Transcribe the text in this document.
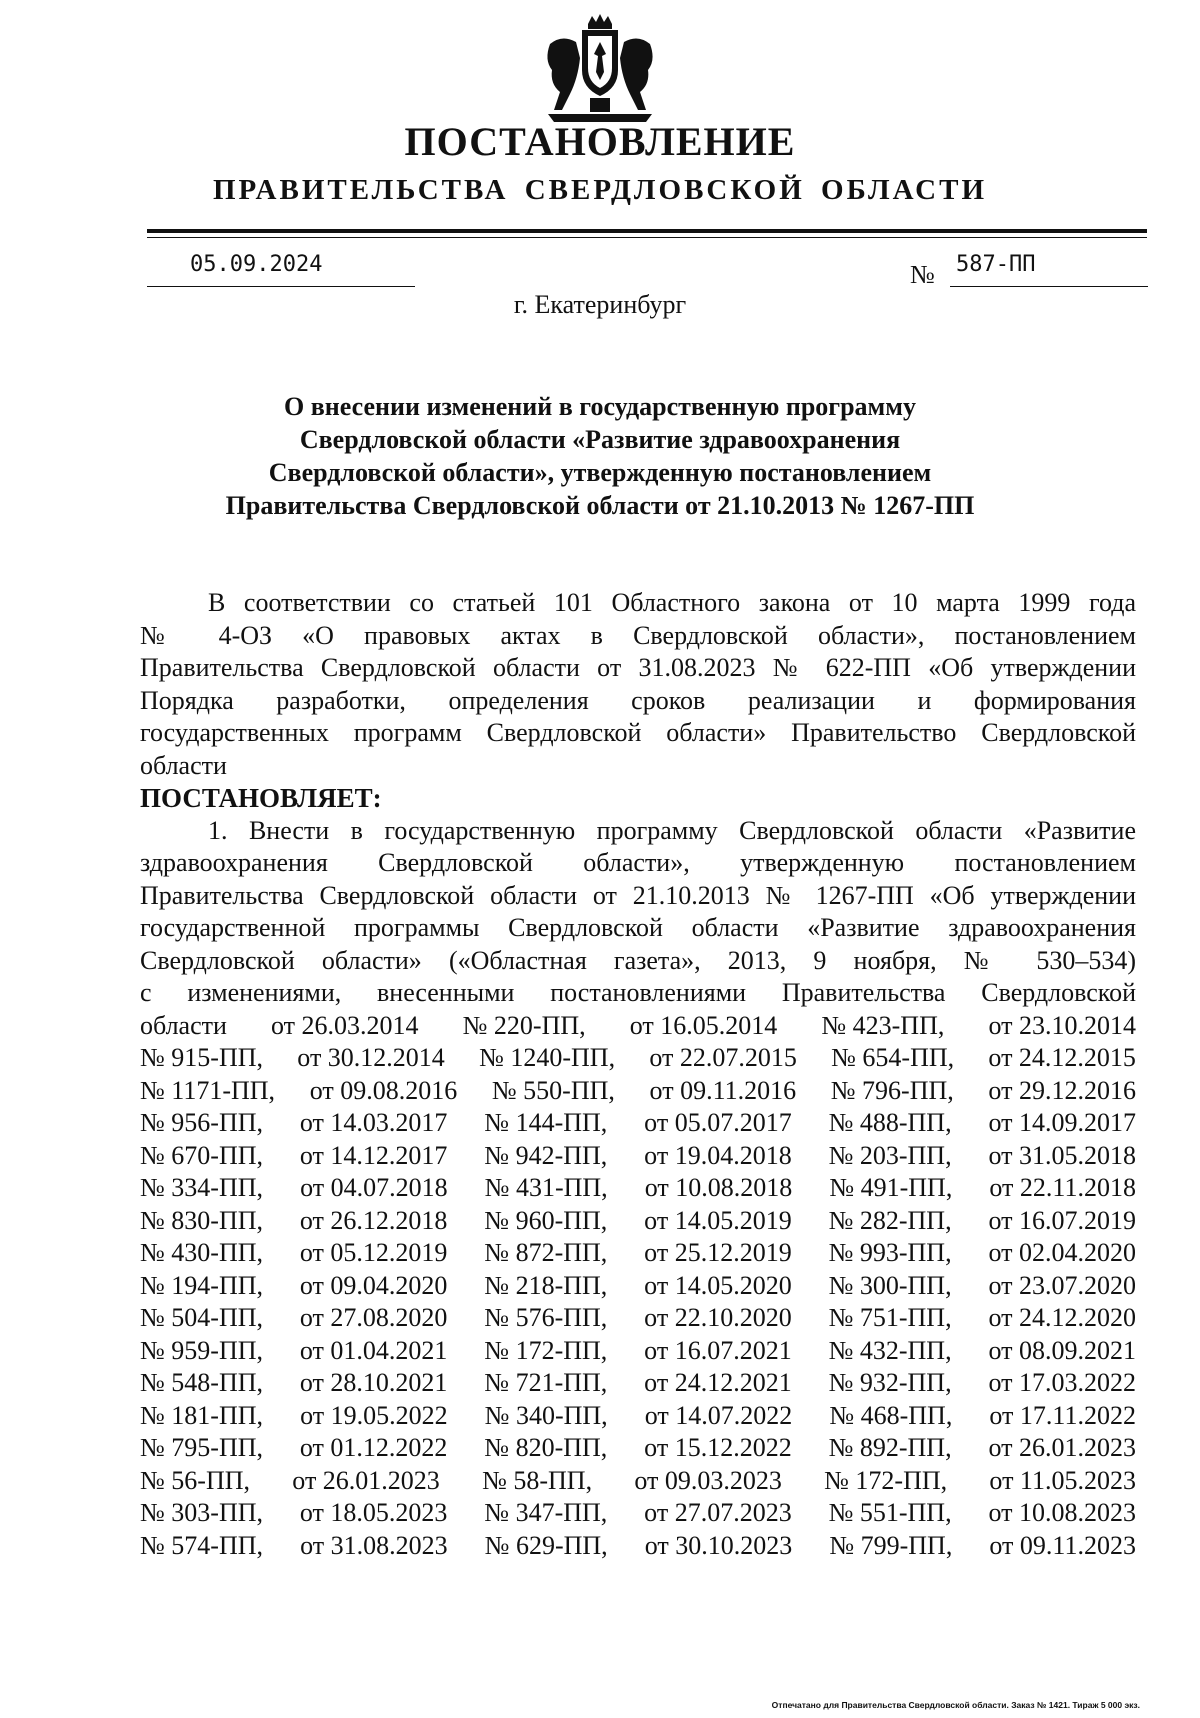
ПОСТАНОВЛЕНИЕ
ПРАВИТЕЛЬСТВА СВЕРДЛОВСКОЙ ОБЛАСТИ
05.09.2024	№ 587-ПП
г. Екатеринбург
О внесении изменений в государственную программу
Свердловской области «Развитие здравоохранения
Свердловской области», утвержденную постановлением
Правительства Свердловской области от 21.10.2013 № 1267-ПП
В соответствии со статьей 101 Областного закона от 10 марта 1999 года
№ 4-ОЗ «О правовых актах в Свердловской области», постановлением
Правительства Свердловской области от 31.08.2023 № 622-ПП «Об утверждении
Порядка разработки, определения сроков реализации и формирования
государственных программ Свердловской области» Правительство Свердловской
области
ПОСТАНОВЛЯЕТ:
1. Внести в государственную программу Свердловской области «Развитие
здравоохранения Свердловской области», утвержденную постановлением
Правительства Свердловской области от 21.10.2013 № 1267-ПП «Об утверждении
государственной программы Свердловской области «Развитие здравоохранения
Свердловской области» («Областная газета», 2013, 9 ноября, № 530–534)
с изменениями, внесенными постановлениями Правительства Свердловской
области от 26.03.2014 № 220-ПП, от 16.05.2014 № 423-ПП, от 23.10.2014
№ 915-ПП, от 30.12.2014 № 1240-ПП, от 22.07.2015 № 654-ПП, от 24.12.2015
№ 1171-ПП, от 09.08.2016 № 550-ПП, от 09.11.2016 № 796-ПП, от 29.12.2016
№ 956-ПП, от 14.03.2017 № 144-ПП, от 05.07.2017 № 488-ПП, от 14.09.2017
№ 670-ПП, от 14.12.2017 № 942-ПП, от 19.04.2018 № 203-ПП, от 31.05.2018
№ 334-ПП, от 04.07.2018 № 431-ПП, от 10.08.2018 № 491-ПП, от 22.11.2018
№ 830-ПП, от 26.12.2018 № 960-ПП, от 14.05.2019 № 282-ПП, от 16.07.2019
№ 430-ПП, от 05.12.2019 № 872-ПП, от 25.12.2019 № 993-ПП, от 02.04.2020
№ 194-ПП, от 09.04.2020 № 218-ПП, от 14.05.2020 № 300-ПП, от 23.07.2020
№ 504-ПП, от 27.08.2020 № 576-ПП, от 22.10.2020 № 751-ПП, от 24.12.2020
№ 959-ПП, от 01.04.2021 № 172-ПП, от 16.07.2021 № 432-ПП, от 08.09.2021
№ 548-ПП, от 28.10.2021 № 721-ПП, от 24.12.2021 № 932-ПП, от 17.03.2022
№ 181-ПП, от 19.05.2022 № 340-ПП, от 14.07.2022 № 468-ПП, от 17.11.2022
№ 795-ПП, от 01.12.2022 № 820-ПП, от 15.12.2022 № 892-ПП, от 26.01.2023
№ 56-ПП, от 26.01.2023 № 58-ПП, от 09.03.2023 № 172-ПП, от 11.05.2023
№ 303-ПП, от 18.05.2023 № 347-ПП, от 27.07.2023 № 551-ПП, от 10.08.2023
№ 574-ПП, от 31.08.2023 № 629-ПП, от 30.10.2023 № 799-ПП, от 09.11.2023
Отпечатано для Правительства Свердловской области. Заказ № 1421. Тираж 5 000 экз.
